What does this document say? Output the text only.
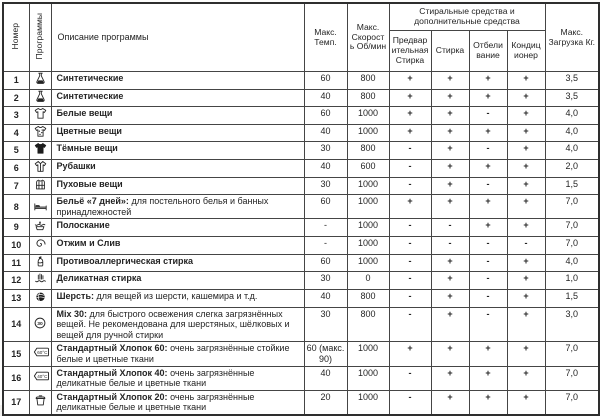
Номер	Программы	Описание программы	Макс. Темп.	Макс. Скорость Об/мин	Стиральные средства и дополнительные средства				Макс. Загрузка Кг.
					Предварительная Стирка	Стирка	Отбеливание	Кондиционер	
1		Синтетические	60	800	+	+	+	+	3,5
2		Синтетические	40	800	+	+	+	+	3,5
3		Белые вещи	60	1000	+	+	-	+	4,0
4		Цветные вещи	40	1000	+	+	+	+	4,0
5		Тёмные вещи	30	800	-	+	-	+	4,0
6		Рубашки	40	600	-	+	+	+	2,0
7		Пуховые вещи	30	1000	-	+	-	+	1,5
8		Бельё «7 дней»: для постельного белья и банных принадлежностей	60	1000	+	+	+	+	7,0
9		Полоскание	-	1000	-	-	+	+	7,0
10		Отжим и Слив	-	1000	-	-	-	-	7,0
11		Противоаллергическая стирка	60	1000	-	+	-	+	4,0
12		Деликатная стирка	30	0	-	+	-	+	1,0
13		Шерсть: для вещей из шерсти, кашемира и т.д.	40	800	-	+	-	+	1,5
14	30	Mix 30: для быстрого освежения слегка загрязнённых вещей. Не рекомендована для шерстяных, шёлковых и вещей для ручной стирки	30	800	-	+	-	+	3,0
15	60°C	Стандартный Хлопок 60: очень загрязнённые стойкие белые и цветные ткани	60 (макс. 90)	1000	+	+	+	+	7,0
16	40°C	Стандартный Хлопок 40: очень загрязнённые деликатные белые и цветные ткани	40	1000	-	+	+	+	7,0
17		Стандартный Хлопок 20: очень загрязнённые деликатные белые и цветные ткани	20	1000	-	+	+	+	7,0
